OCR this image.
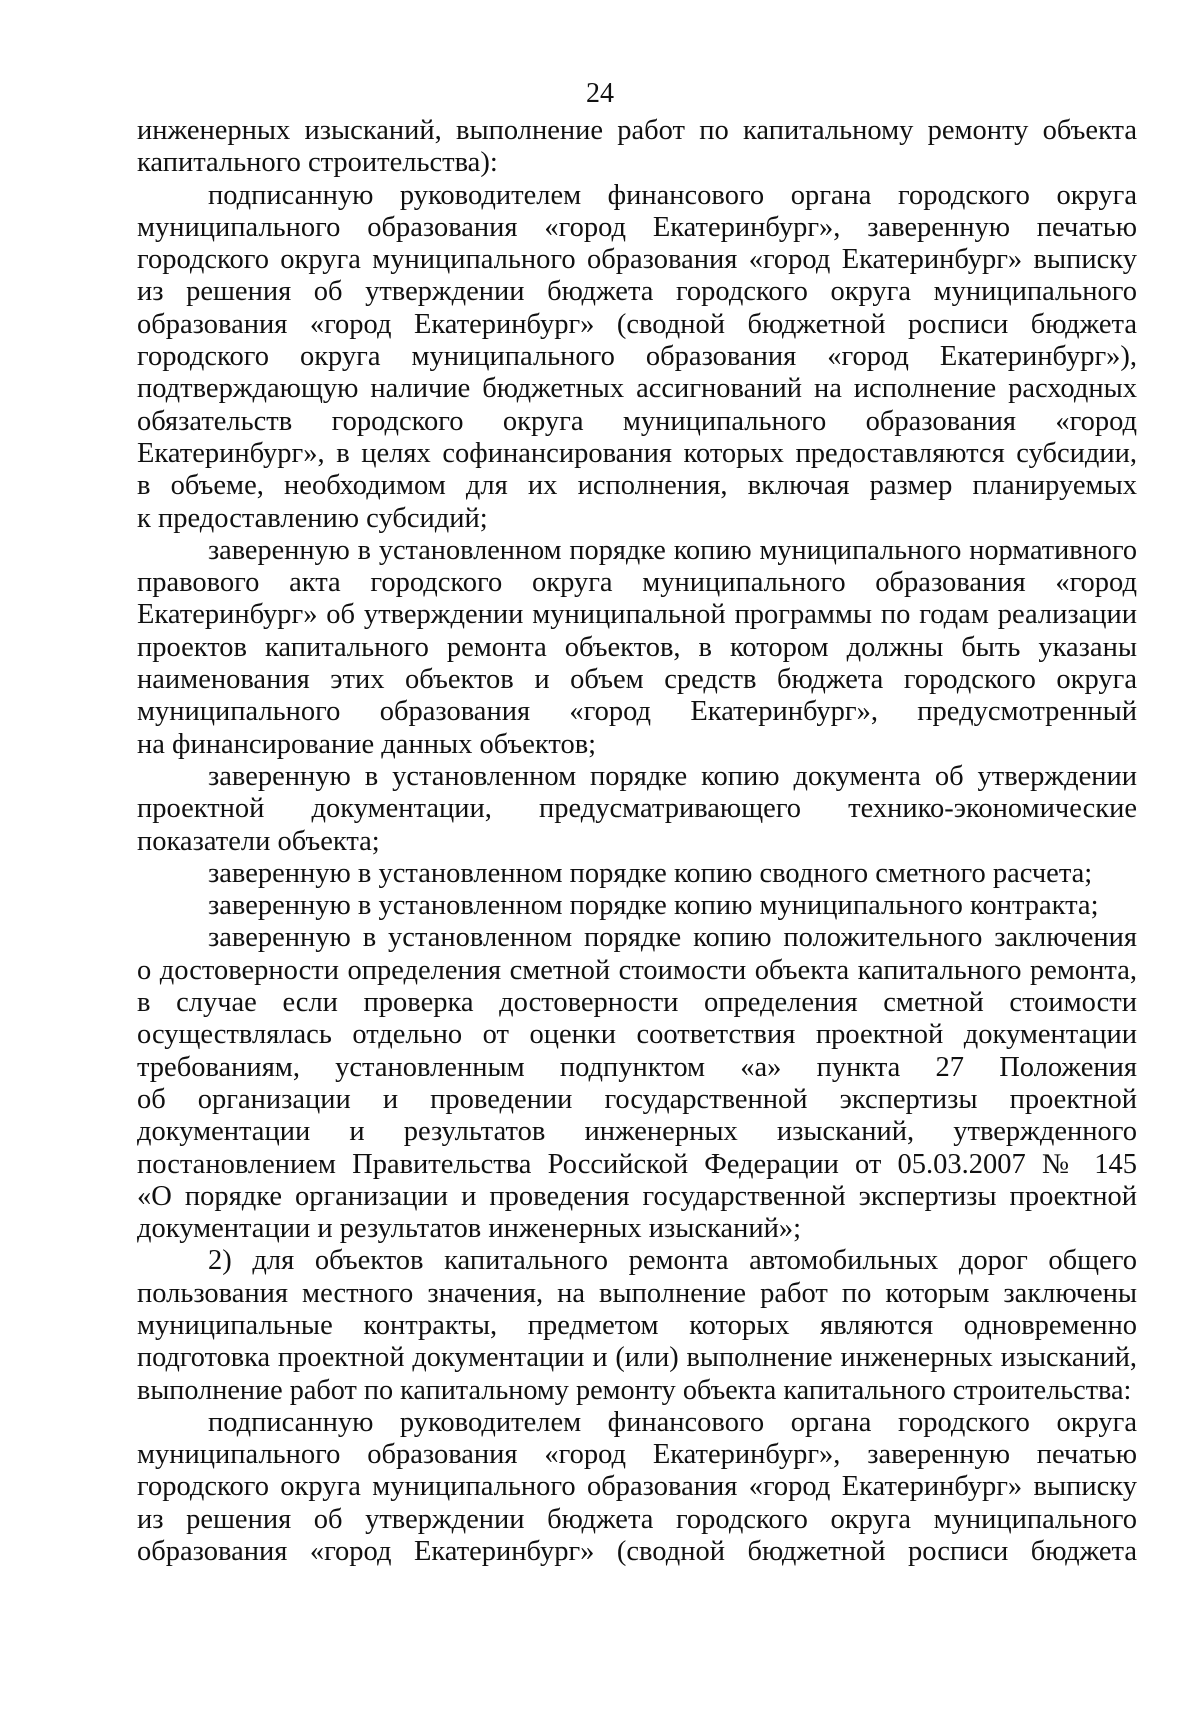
24
инженерных изысканий, выполнение работ по капитальному ремонту объекта
капитального строительства):
подписанную руководителем финансового органа городского округа
муниципального образования «город Екатеринбург», заверенную печатью
городского округа муниципального образования «город Екатеринбург» выписку
из решения об утверждении бюджета городского округа муниципального
образования «город Екатеринбург» (сводной бюджетной росписи бюджета
городского округа муниципального образования «город Екатеринбург»),
подтверждающую наличие бюджетных ассигнований на исполнение расходных
обязательств городского округа муниципального образования «город
Екатеринбург», в целях софинансирования которых предоставляются субсидии,
в объеме, необходимом для их исполнения, включая размер планируемых
к предоставлению субсидий;
заверенную в установленном порядке копию муниципального нормативного
правового акта городского округа муниципального образования «город
Екатеринбург» об утверждении муниципальной программы по годам реализации
проектов капитального ремонта объектов, в котором должны быть указаны
наименования этих объектов и объем средств бюджета городского округа
муниципального образования «город Екатеринбург», предусмотренный
на финансирование данных объектов;
заверенную в установленном порядке копию документа об утверждении
проектной документации, предусматривающего технико-экономические
показатели объекта;
заверенную в установленном порядке копию сводного сметного расчета;
заверенную в установленном порядке копию муниципального контракта;
заверенную в установленном порядке копию положительного заключения
о достоверности определения сметной стоимости объекта капитального ремонта,
в случае если проверка достоверности определения сметной стоимости
осуществлялась отдельно от оценки соответствия проектной документации
требованиям, установленным подпунктом «а» пункта 27 Положения
об организации и проведении государственной экспертизы проектной
документации и результатов инженерных изысканий, утвержденного
постановлением Правительства Российской Федерации от 05.03.2007 № 145
«О порядке организации и проведения государственной экспертизы проектной
документации и результатов инженерных изысканий»;
2) для объектов капитального ремонта автомобильных дорог общего
пользования местного значения, на выполнение работ по которым заключены
муниципальные контракты, предметом которых являются одновременно
подготовка проектной документации и (или) выполнение инженерных изысканий,
выполнение работ по капитальному ремонту объекта капитального строительства:
подписанную руководителем финансового органа городского округа
муниципального образования «город Екатеринбург», заверенную печатью
городского округа муниципального образования «город Екатеринбург» выписку
из решения об утверждении бюджета городского округа муниципального
образования «город Екатеринбург» (сводной бюджетной росписи бюджета
